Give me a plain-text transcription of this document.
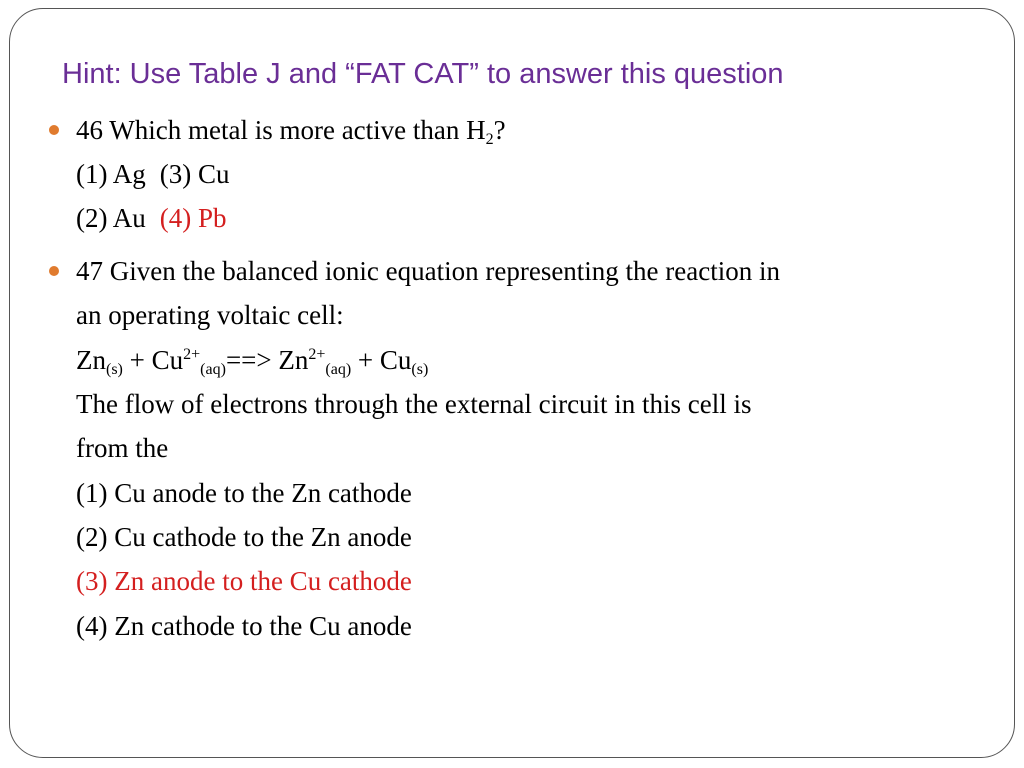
Hint: Use Table J and “FAT CAT” to answer this question
46 Which metal is more active than $H_2$?
(1) Ag (3) Cu
(2) Au (4) Pb
47 Given the balanced ionic equation representing the reaction in
an operating voltaic cell:
$Zn_{(s)} + Cu^{2+}_{(aq)}==> Zn^{2+}_{(aq)} + Cu_{(s)}$
The flow of electrons through the external circuit in this cell is
from the
(1) Cu anode to the Zn cathode
(2) Cu cathode to the Zn anode
(3) Zn anode to the Cu cathode
(4) Zn cathode to the Cu anode
